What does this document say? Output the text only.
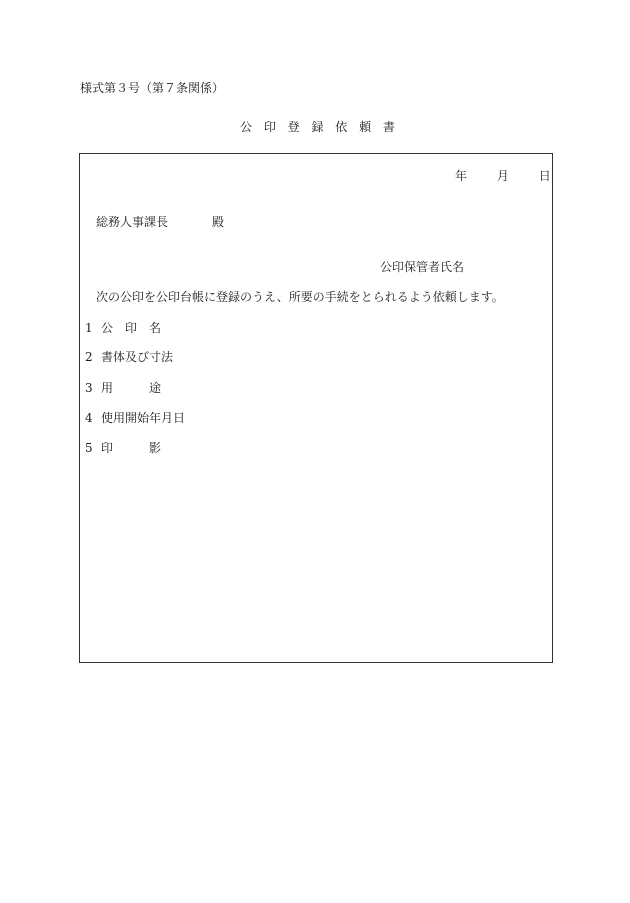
様式第３号（第７条関係）
公 印 登 録 依 頼 書
年 月 日
総務人事課長	殿
公印保管者氏名
次の公印を公印台帳に登録のうえ、所要の手続をとられるよう依頼します。
1 公　印　名
2 書体及び寸法
3 用　　　途
4 使用開始年月日
5 印　　　影
